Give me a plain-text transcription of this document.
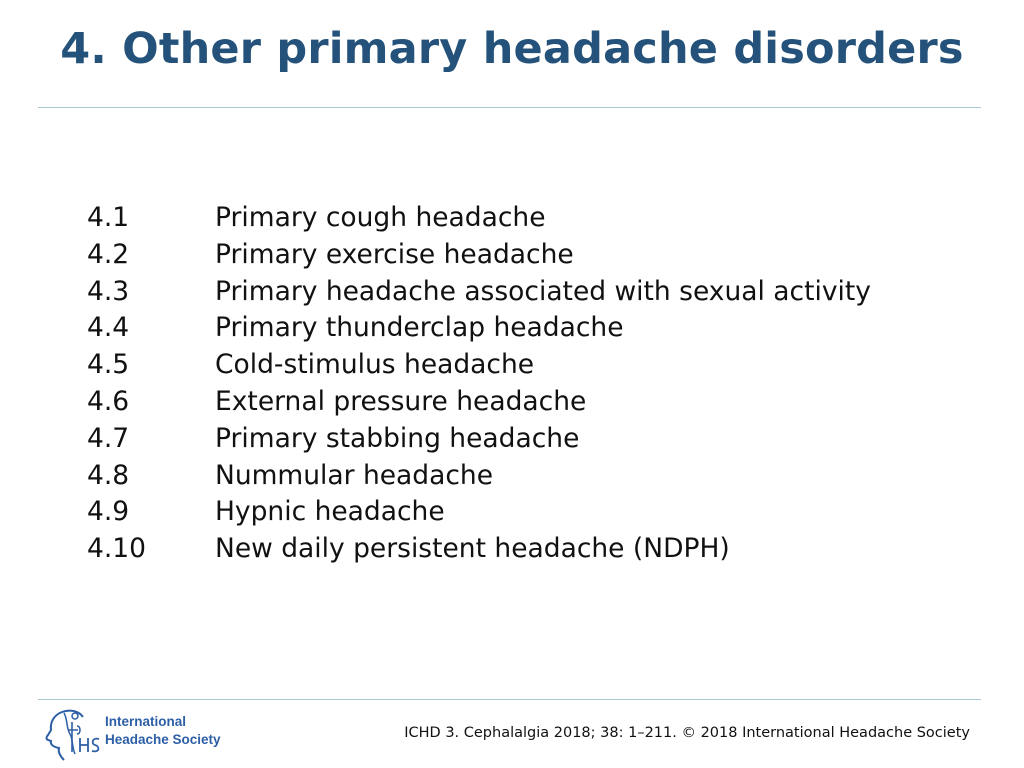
4. Other primary headache disorders
4.1	Primary cough headache
4.2	Primary exercise headache
4.3	Primary headache associated with sexual activity
4.4	Primary thunderclap headache
4.5	Cold-stimulus headache
4.6	External pressure headache
4.7	Primary stabbing headache
4.8	Nummular headache
4.9	Hypnic headache
4.10	New daily persistent headache (NDPH)
International
Headache Society	ICHD 3. Cephalalgia 2018; 38: 1–211. © 2018 International Headache Society
